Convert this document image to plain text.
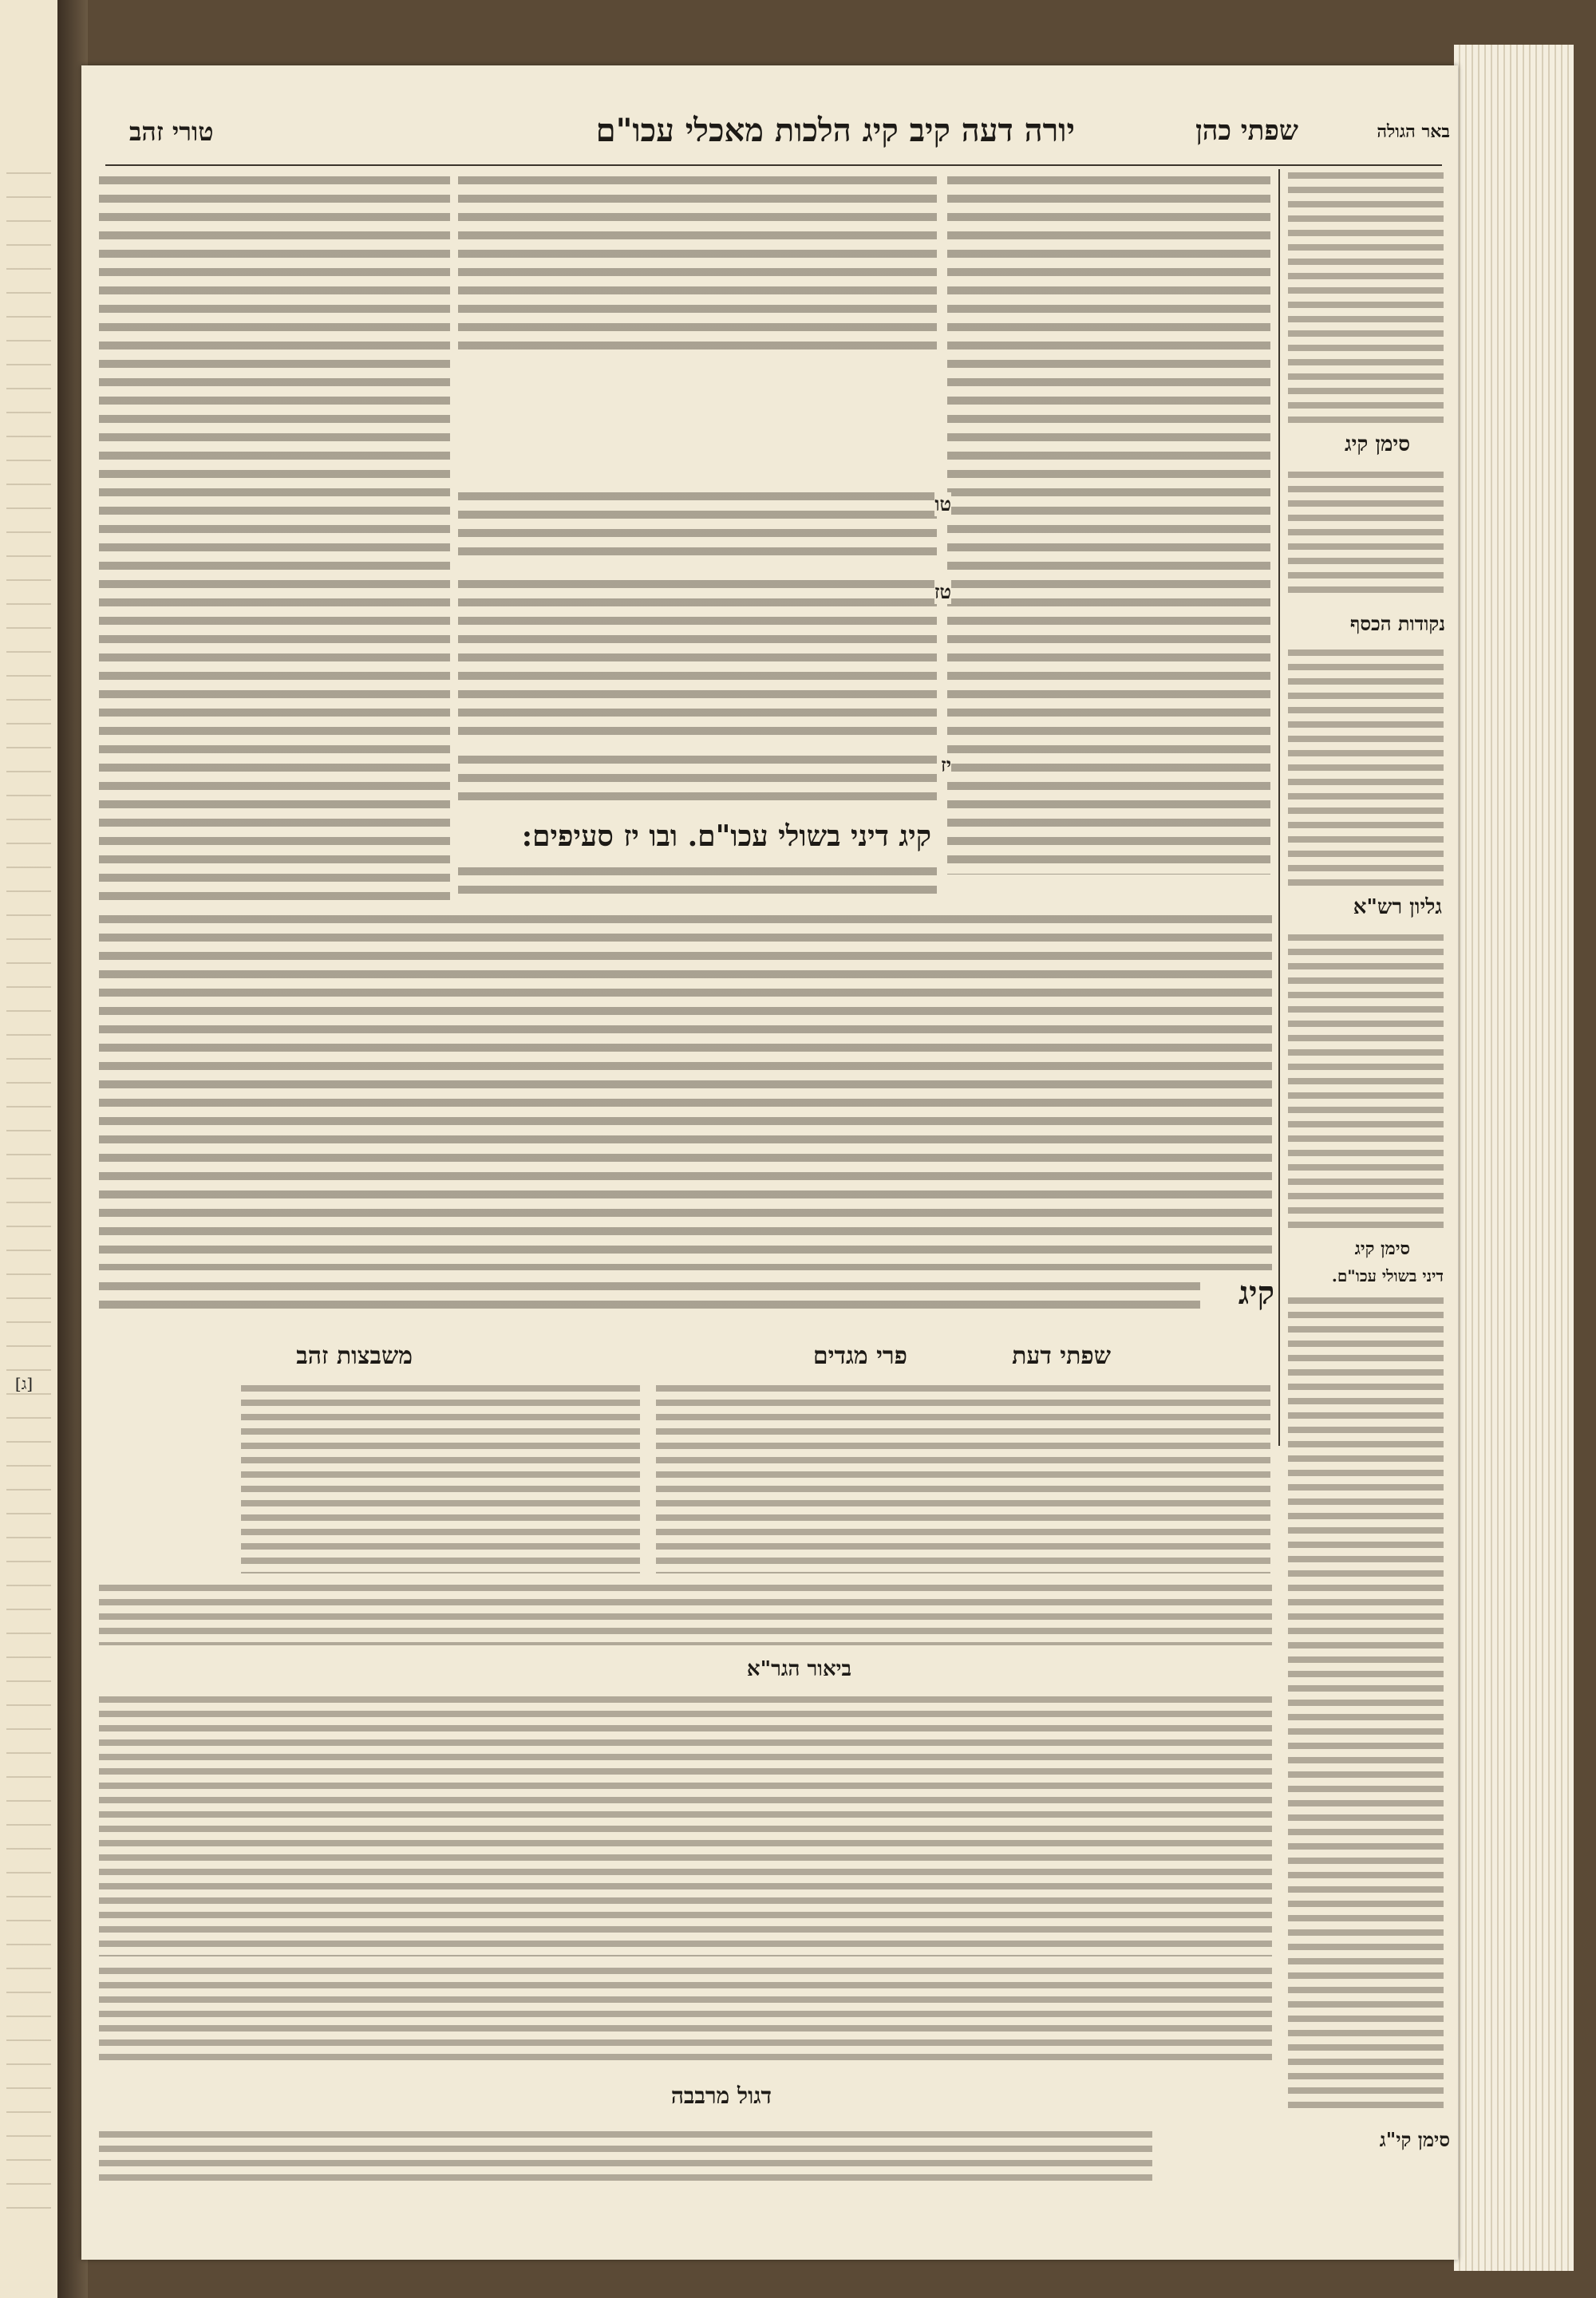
[ג]
באר הגולה
שפתי כהן
יורה דעה קיב קיג הלכות מאכלי עכו"ם
טורי זהב
סימן קיג
נקודות הכסף
גליון רש"א
סימן קיג
דיני בשולי עכו"ם.
טו
טז
יז
קיג דיני בשולי עכו"ם. ובו יז סעיפים:
קיג
שפתי דעת
פרי מגדים
משבצות זהב
ביאור הגר"א
דגול מרבבה
סימן קי"ג
